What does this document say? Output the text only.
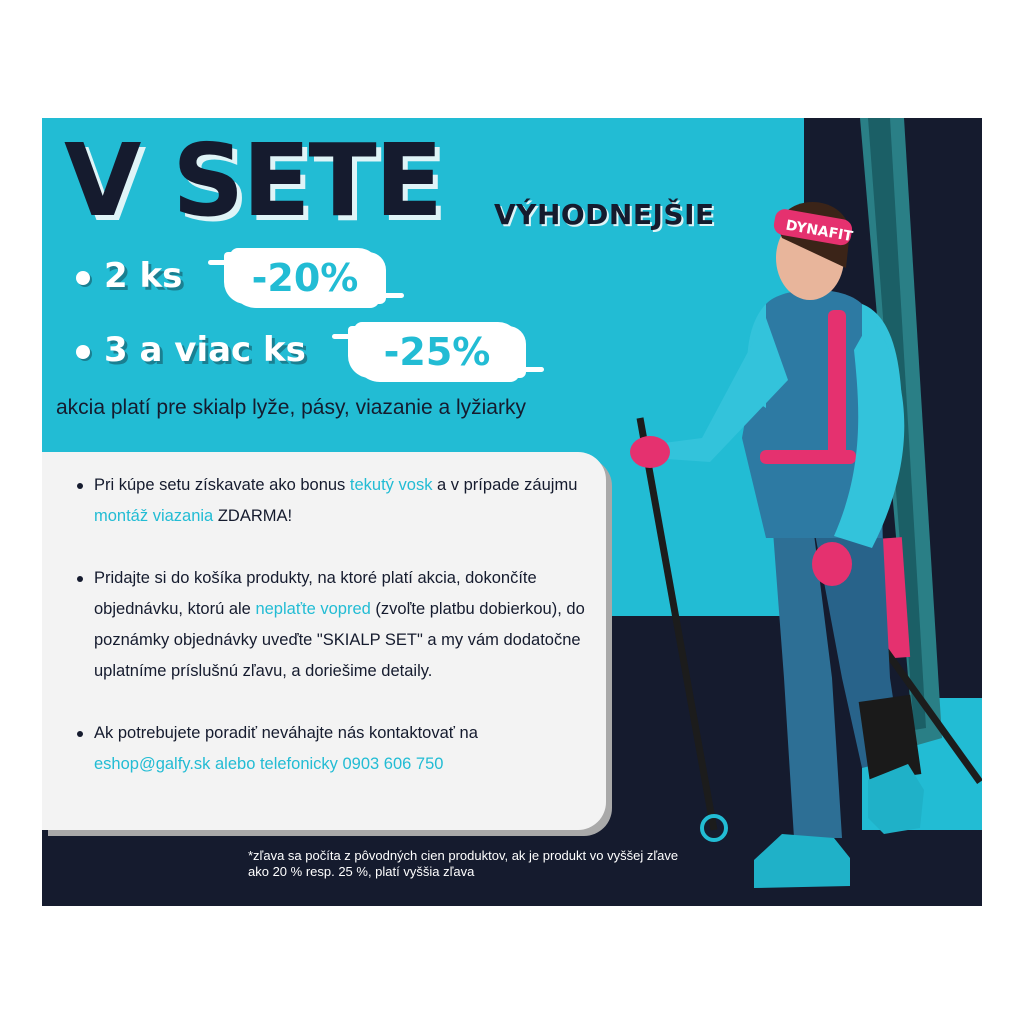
DYNAFIT
V SETE VÝHODNEJŠIE
2 ks	-20%
3 a viac ks	-25%
akcia platí pre skialp lyže, pásy, viazanie a lyžiarky
Pri kúpe setu získavate ako bonus tekutý vosk a v prípade záujmu montáž viazania ZDARMA!
Pridajte si do košíka produkty, na ktoré platí akcia, dokončíte objednávku, ktorú ale neplaťte vopred (zvoľte platbu dobierkou), do poznámky objednávky uveďte "SKIALP SET" a my vám dodatočne uplatníme príslušnú zľavu, a doriešime detaily.
Ak potrebujete poradiť neváhajte nás kontaktovať na eshop@galfy.sk alebo telefonicky 0903 606 750
*zľava sa počíta z pôvodných cien produktov, ak je produkt vo vyššej zľave ako 20 % resp. 25 %, platí vyššia zľava
